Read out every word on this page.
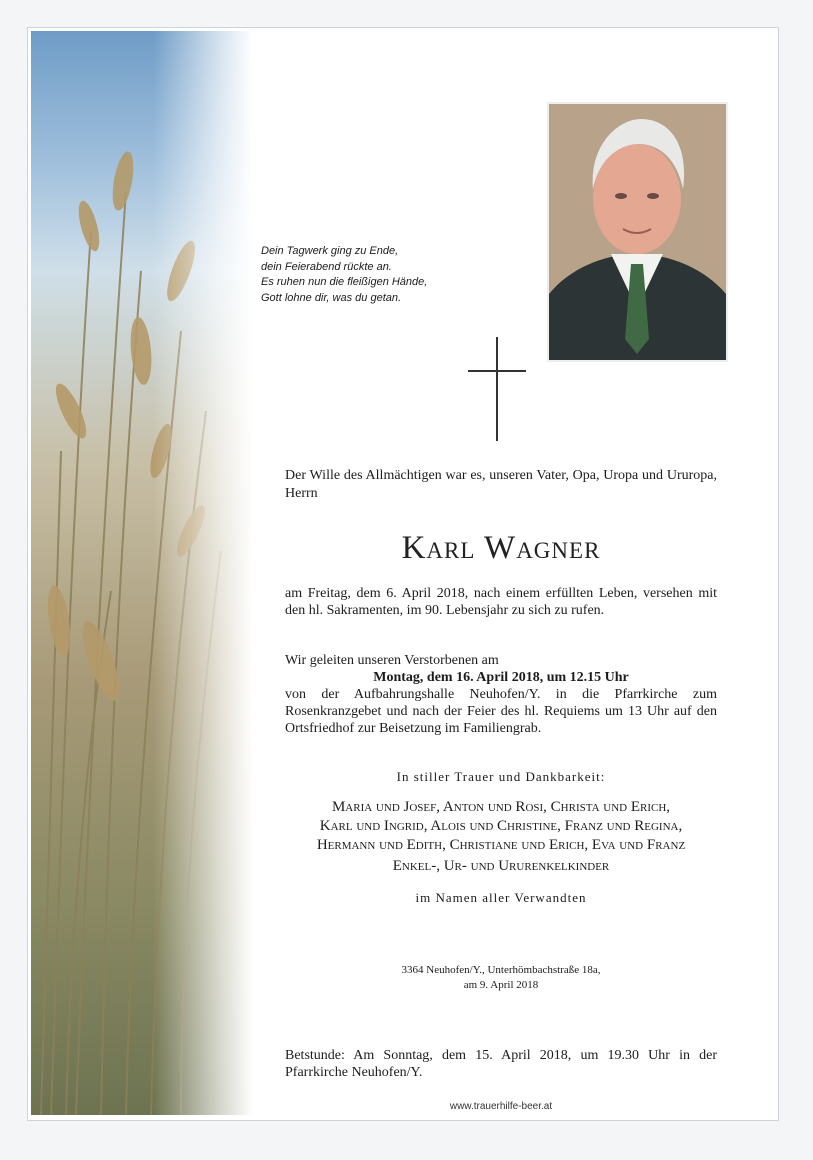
Dein Tagwerk ging zu Ende,
dein Feierabend rückte an.
Es ruhen nun die fleißigen Hände,
Gott lohne dir, was du getan.
Der Wille des Allmächtigen war es, unseren Vater, Opa, Uropa und Ururopa, Herrn
Karl Wagner
am Freitag, dem 6. April 2018, nach einem erfüllten Leben, versehen mit den hl. Sakramenten, im 90. Lebensjahr zu sich zu rufen.
Wir geleiten unseren Verstorbenen am
Montag, dem 16. April 2018, um 12.15 Uhr
von der Aufbahrungshalle Neuhofen/Y. in die Pfarrkirche zum Rosenkranzgebet und nach der Feier des hl. Requiems um 13 Uhr auf den Ortsfriedhof zur Beisetzung im Familiengrab.
In stiller Trauer und Dankbarkeit:
Maria und Josef, Anton und Rosi, Christa und Erich,
Karl und Ingrid, Alois und Christine, Franz und Regina,
Hermann und Edith, Christiane und Erich, Eva und Franz
Enkel-, Ur- und Ururenkelkinder
im Namen aller Verwandten
3364 Neuhofen/Y., Unterhömbachstraße 18a,
am 9. April 2018
Betstunde: Am Sonntag, dem 15. April 2018, um 19.30 Uhr in der Pfarrkirche Neuhofen/Y.
www.trauerhilfe-beer.at
